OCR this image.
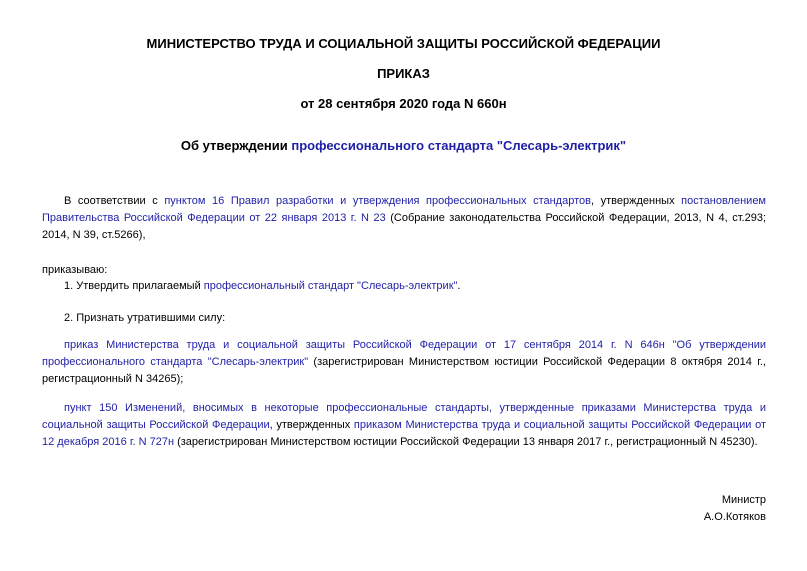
МИНИСТЕРСТВО ТРУДА И СОЦИАЛЬНОЙ ЗАЩИТЫ РОССИЙСКОЙ ФЕДЕРАЦИИ
ПРИКАЗ
от 28 сентября 2020 года N 660н
Об утверждении профессионального стандарта "Слесарь-электрик"
В соответствии с пунктом 16 Правил разработки и утверждения профессиональных стандартов, утвержденных постановлением Правительства Российской Федерации от 22 января 2013 г. N 23 (Собрание законодательства Российской Федерации, 2013, N 4, ст.293; 2014, N 39, ст.5266),
приказываю:
1. Утвердить прилагаемый профессиональный стандарт "Слесарь-электрик".
2. Признать утратившими силу:
приказ Министерства труда и социальной защиты Российской Федерации от 17 сентября 2014 г. N 646н "Об утверждении профессионального стандарта "Слесарь-электрик" (зарегистрирован Министерством юстиции Российской Федерации 8 октября 2014 г., регистрационный N 34265);
пункт 150 Изменений, вносимых в некоторые профессиональные стандарты, утвержденные приказами Министерства труда и социальной защиты Российской Федерации, утвержденных приказом Министерства труда и социальной защиты Российской Федерации от 12 декабря 2016 г. N 727н (зарегистрирован Министерством юстиции Российской Федерации 13 января 2017 г., регистрационный N 45230).
Министр
А.О.Котяков
